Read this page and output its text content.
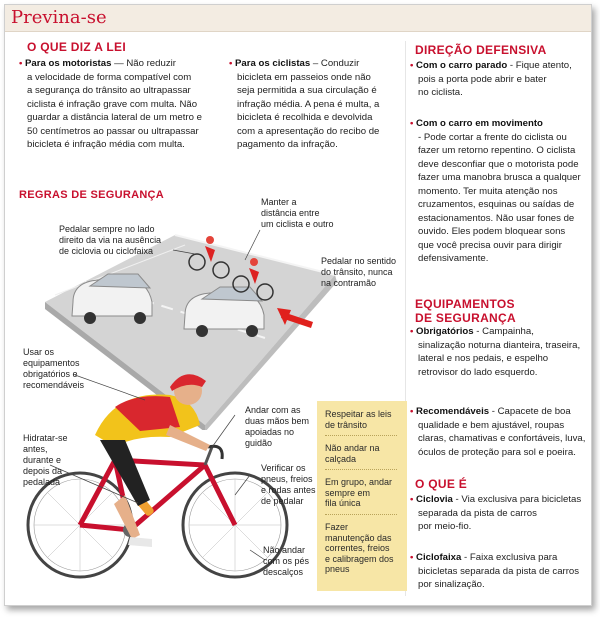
Previna-se
O QUE DIZ A LEI
• Para os motoristas — Não reduzir
a velocidade de forma compatível com
a segurança do trânsito ao ultrapassar
ciclista é infração grave com multa. Não
guardar a distância lateral de um metro e
50 centímetros ao passar ou ultrapassar
bicicleta é infração média com multa.
• Para os ciclistas – Conduzir
bicicleta em passeios onde não
seja permitida a sua circulação é
infração média. A pena é multa, a
bicicleta é recolhida e devolvida
com a apresentação do recibo de
pagamento da infração.
REGRAS DE SEGURANÇA
Pedalar sempre no lado
direito da via na ausência
de ciclovia ou ciclofaixa
Manter a
distância entre
um ciclista e outro
Pedalar no sentido
do trânsito, nunca
na contramão
Usar os
equipamentos
obrigatórios e
recomendáveis
Hidratar-se
antes,
durante e
depois da
pedalada
Andar com as
duas mãos bem
apoiadas no
guidão
Verificar os
pneus, freios
e rodas antes
de pedalar
Não andar
com os pés
descalços
Respeitar as leis
de trânsito
Não andar na
calçada
Em grupo, andar
sempre em
fila única
Fazer
manutenção das
correntes, freios
e calibragem dos
pneus
DIREÇÃO DEFENSIVA
• Com o carro parado - Fique atento,
pois a porta pode abrir e bater
no ciclista.
• Com o carro em movimento
- Pode cortar a frente do ciclista ou
fazer um retorno repentino. O ciclista
deve desconfiar que o motorista pode
fazer uma manobra brusca a qualquer
momento. Ter muita atenção nos
cruzamentos, esquinas ou saídas de
estacionamentos. Não usar fones de
ouvido. Eles podem bloquear sons
que você precisa ouvir para dirigir
defensivamente.
EQUIPAMENTOS
DE SEGURANÇA
• Obrigatórios - Campainha,
sinalização noturna dianteira, traseira,
lateral e nos pedais, e espelho
retrovisor do lado esquerdo.
• Recomendáveis - Capacete de boa
qualidade e bem ajustável, roupas
claras, chamativas e confortáveis, luva,
óculos de proteção para sol e poeira.
O QUE É
• Ciclovia - Via exclusiva para bicicletas
separada da pista de carros
por meio-fio.
• Ciclofaixa - Faixa exclusiva para
bicicletas separada da pista de carros
por sinalização.
